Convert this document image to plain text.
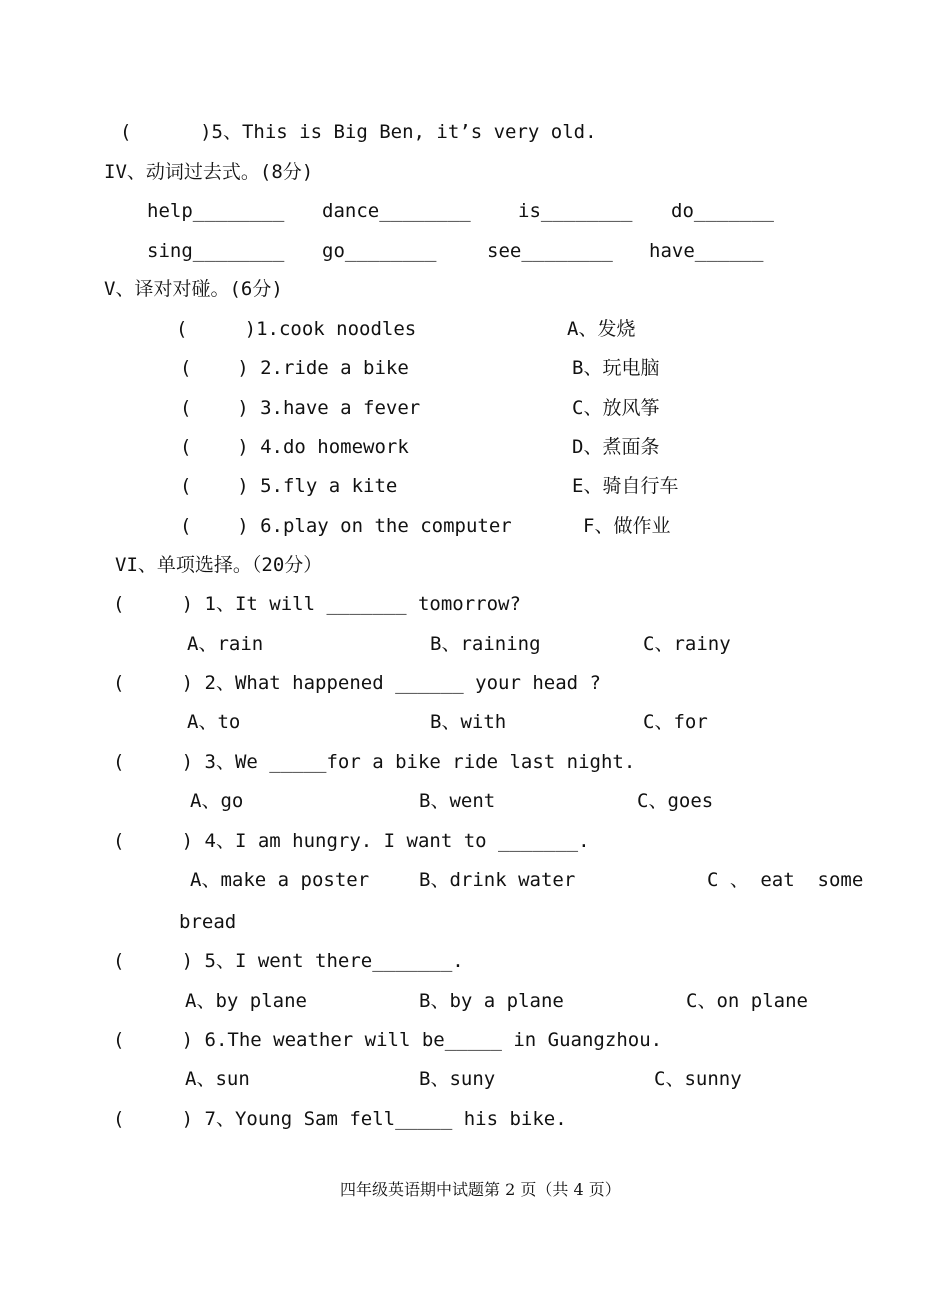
(      )5、This is Big Ben, it’s very old.
IV、动词过去式。(8分)
help________ dance________ is________ do_______
sing________ go________	see________ have______
V、译对对碰。(6分)
(     )1.cook noodles	A、发烧
(    ) 2.ride a bike	B、玩电脑
(    ) 3.have a fever	C、放风筝
(    ) 4.do homework	D、煮面条
(    ) 5.fly a kite	E、骑自行车
(    ) 6.play on the computer	F、做作业
VI、单项选择。（20分）
(     ) 1、It will _______ tomorrow?
A、rain	B、raining	C、rainy
(     ) 2、What happened ______ your head ?
A、to	B、with	C、for
(     ) 3、We _____for a bike ride last night.
A、go	B、went	C、goes
(     ) 4、I am hungry. I want to _______.
A、make a poster	B、drink water	C 、 eat  some
bread
(     ) 5、I went there_______.
A、by plane	B、by a plane	C、on plane
(     ) 6.The weather will be_____ in Guangzhou.
A、sun	B、suny	C、sunny
(     ) 7、Young Sam fell_____ his bike.
四年级英语期中试题第 2 页（共 4 页）
